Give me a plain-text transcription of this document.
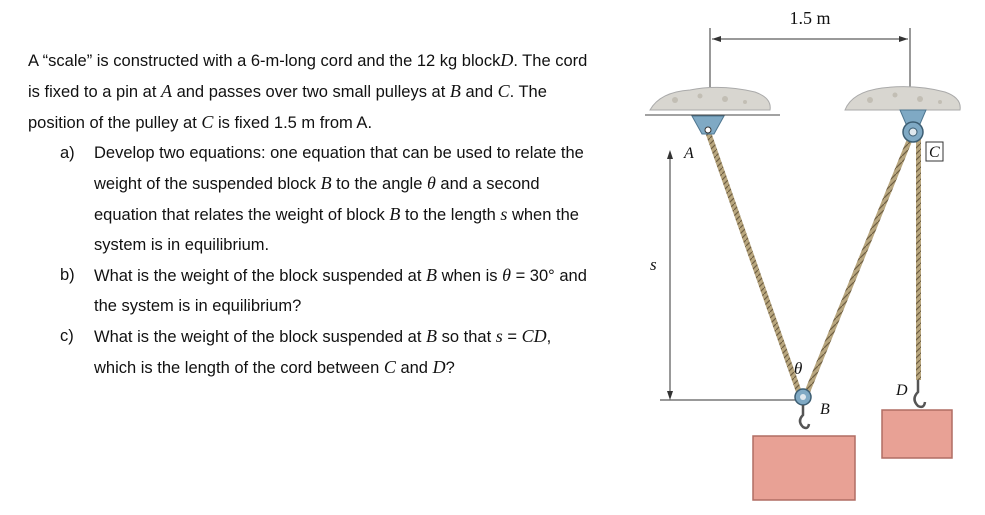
A “scale” is constructed with a 6-m-long cord and the 12 kg blockD. The cord is fixed to a pin at A and passes over two small pulleys at B and C. The position of the pulley at C is fixed 1.5 m from A.

a)	Develop two equations: one equation that can be used to relate the weight of the suspended block B to the angle θ and a second equation that relates the weight of block B to the length s when the system is in equilibrium.
b)	What is the weight of the block suspended at B when is θ = 30° and the system is in equilibrium?
c)	What is the weight of the block suspended at B so that s = CD, which is the length of the cord between C and D?
1.5 m
s
A	C
B
θ
D
